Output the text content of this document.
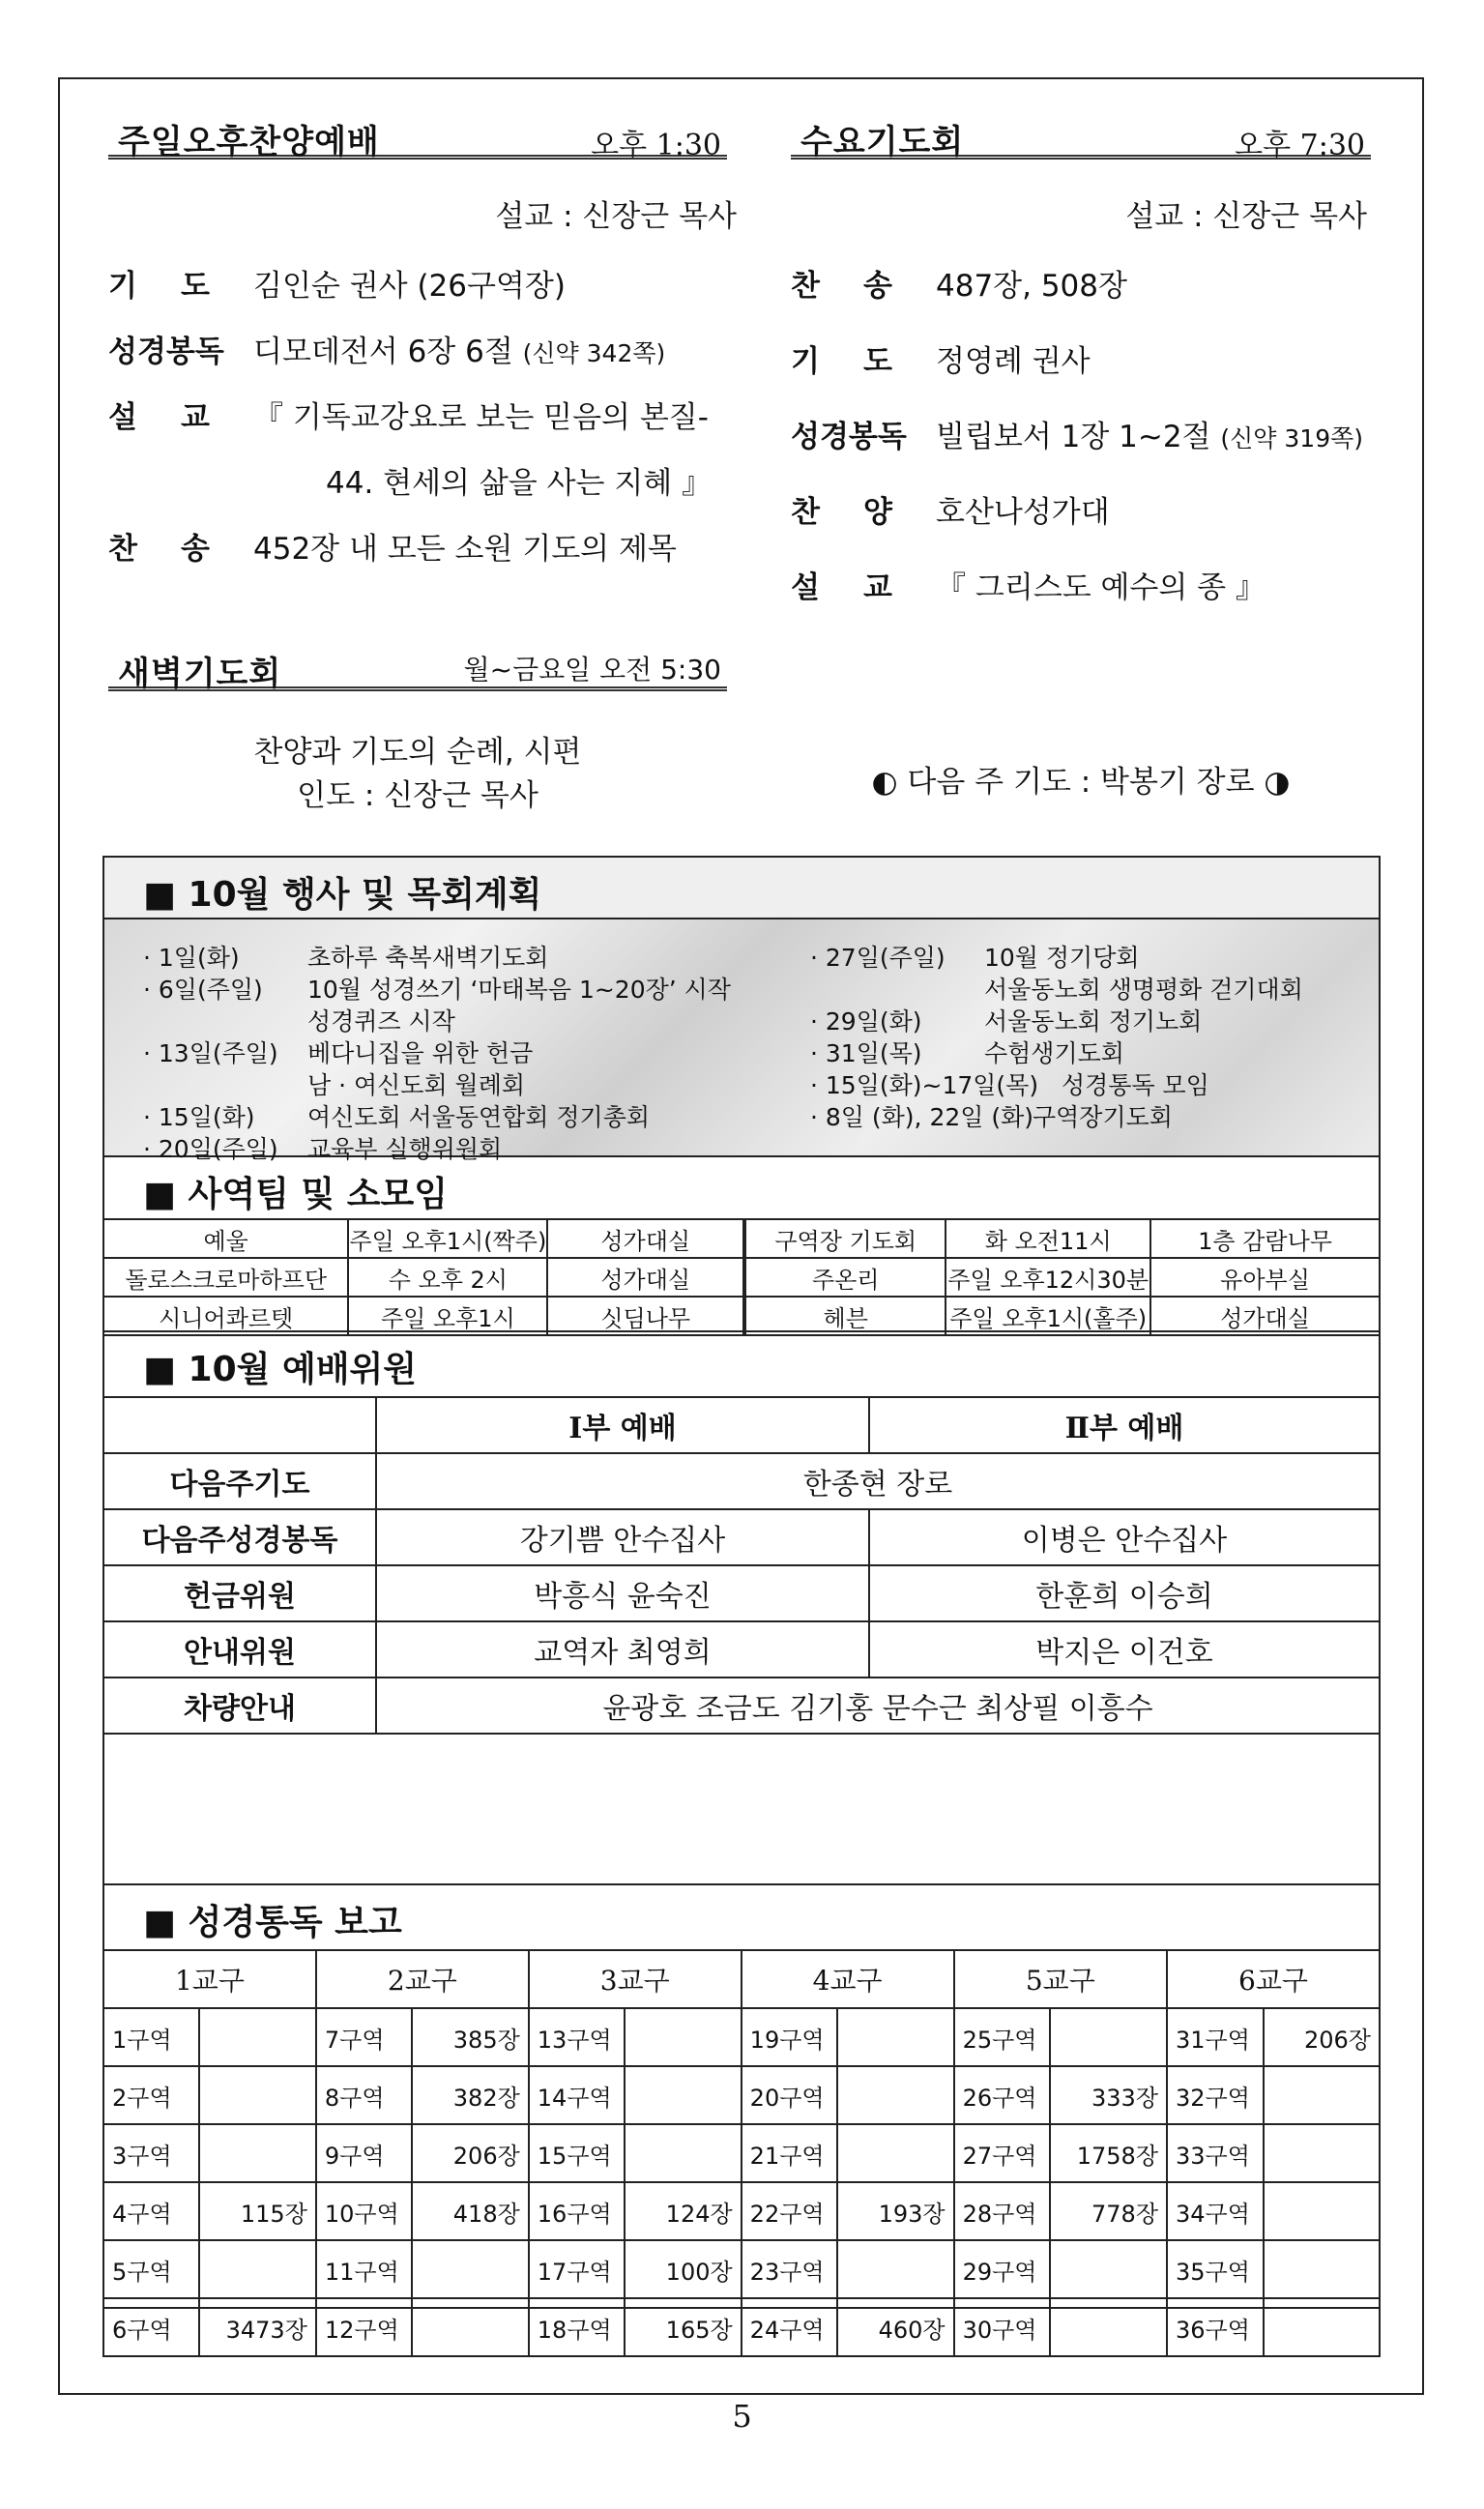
주일오후찬양예배	오후 1:30
설교 : 신장근 목사
기 도 김인순 권사 (26구역장)
성경봉독 디모데전서 6장 6절 (신약 342쪽)
설 교 『 기독교강요로 보는 믿음의 본질-
44. 현세의 삶을 사는 지혜 』
찬 송 452장 내 모든 소원 기도의 제목
수요기도회	오후 7:30
설교 : 신장근 목사
찬 송 487장, 508장
기 도 정영례 권사
성경봉독 빌립보서 1장 1~2절 (신약 319쪽)
찬 양 호산나성가대
설 교 『 그리스도 예수의 종 』
새벽기도회	월~금요일 오전 5:30
찬양과 기도의 순례, 시편
인도 : 신장근 목사	◐ 다음 주 기도 : 박봉기 장로 ◑
■ 10월 행사 및 목회계획
· 1일(화)	초하루 축복새벽기도회
· 6일(주일) 10월 성경쓰기 ‘마태복음 1~20장’ 시작
성경퀴즈 시작
· 13일(주일) 베다니집을 위한 헌금
남 · 여신도회 월례회
· 15일(화) 여신도회 서울동연합회 정기총회
· 20일(주일) 교육부 실행위원회
· 27일(주일) 10월 정기당회
서울동노회 생명평화 걷기대회
· 29일(화)	서울동노회 정기노회
· 31일(목)	수험생기도회
· 15일(화)~17일(목) 성경통독 모임
· 8일 (화), 22일 (화)
구역장기도회
■ 사역팀 및 소모임
예울	주일 오후1시(짝주)	성가대실	구역장 기도회	화 오전11시	1층 감람나무
돌로스크로마하프단	수 오후 2시	성가대실	주온리	주일 오후12시30분	유아부실
시니어콰르텟	주일 오후1시	싯딤나무	헤븐	주일 오후1시(홀주)	성가대실
■ 10월 예배위원
	Ⅰ부 예배	Ⅱ부 예배
다음주기도	한종현 장로	
다음주성경봉독	강기쁨 안수집사	이병은 안수집사
헌금위원	박흥식 윤숙진	한훈희 이승희
안내위원	교역자 최영희	박지은 이건호
차량안내	윤광호 조금도 김기홍 문수근 최상필 이흥수	
■ 성경통독 보고
1교구		2교구		3교구		4교구		5교구		6교구	
1구역		7구역	385장	13구역		19구역		25구역		31구역	206장
2구역		8구역	382장	14구역		20구역		26구역	333장	32구역	
3구역		9구역	206장	15구역		21구역		27구역	1758장	33구역	
4구역	115장	10구역	418장	16구역	124장	22구역	193장	28구역	778장	34구역	
5구역		11구역		17구역	100장	23구역		29구역		35구역	
6구역	3473장	12구역		18구역	165장	24구역	460장	30구역		36구역	
5
